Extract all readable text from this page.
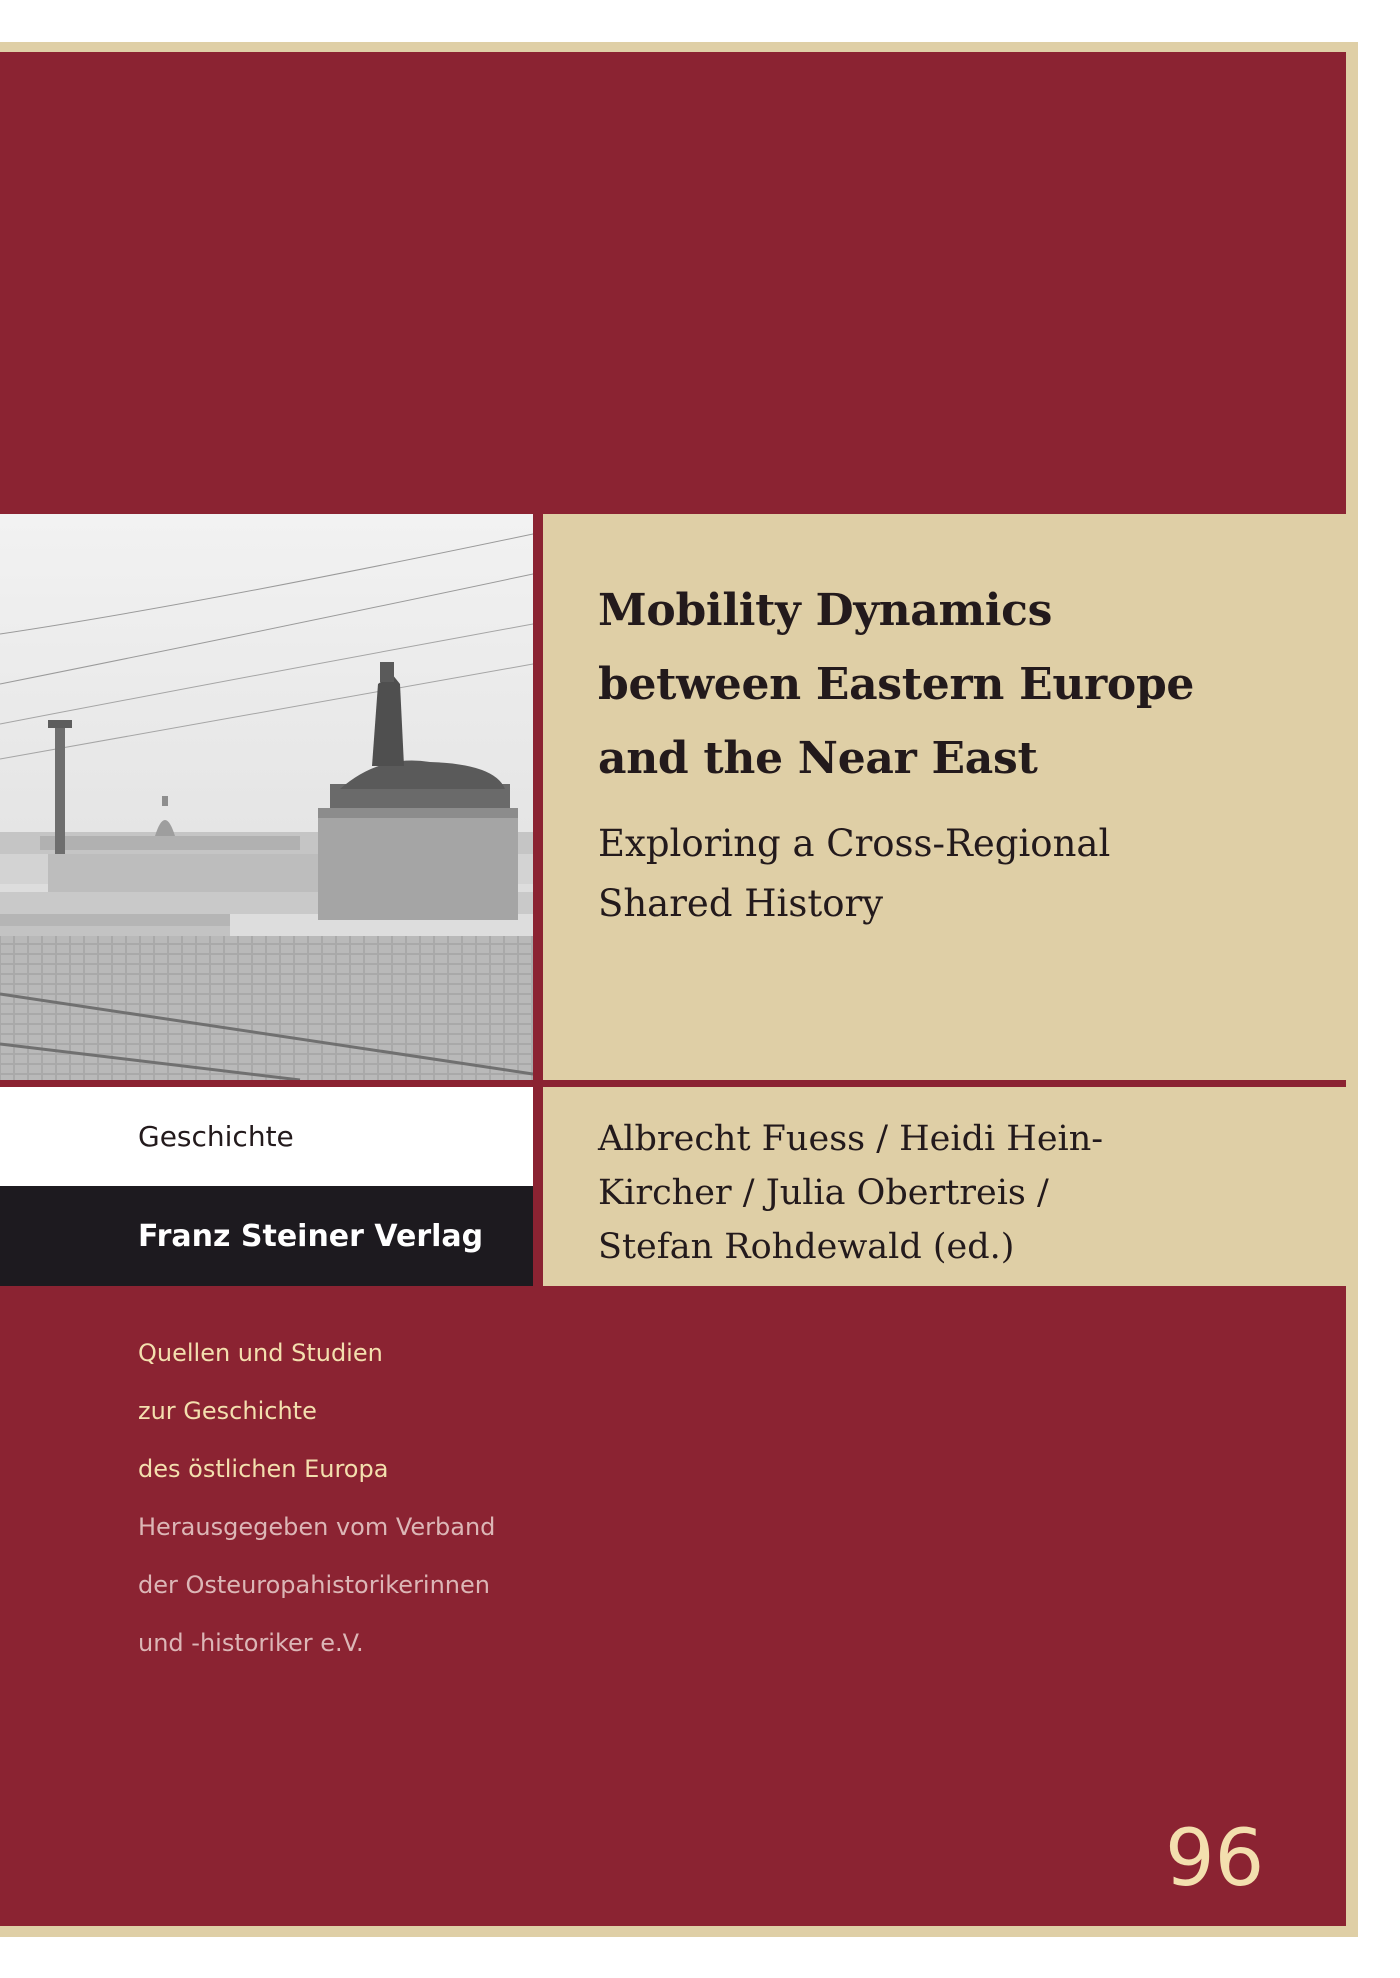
Mobility Dynamics
between Eastern Europe
and the Near East
Exploring a Cross-Regional
Shared History
Albrecht Fuess / Heidi Hein-
Kircher / Julia Obertreis /
Stefan Rohdewald (ed.)
Geschichte
Franz Steiner Verlag
Quellen und Studien
zur Geschichte
des östlichen Europa
Herausgegeben vom Verband
der Osteuropahistorikerinnen
und -historiker e.V.
96
